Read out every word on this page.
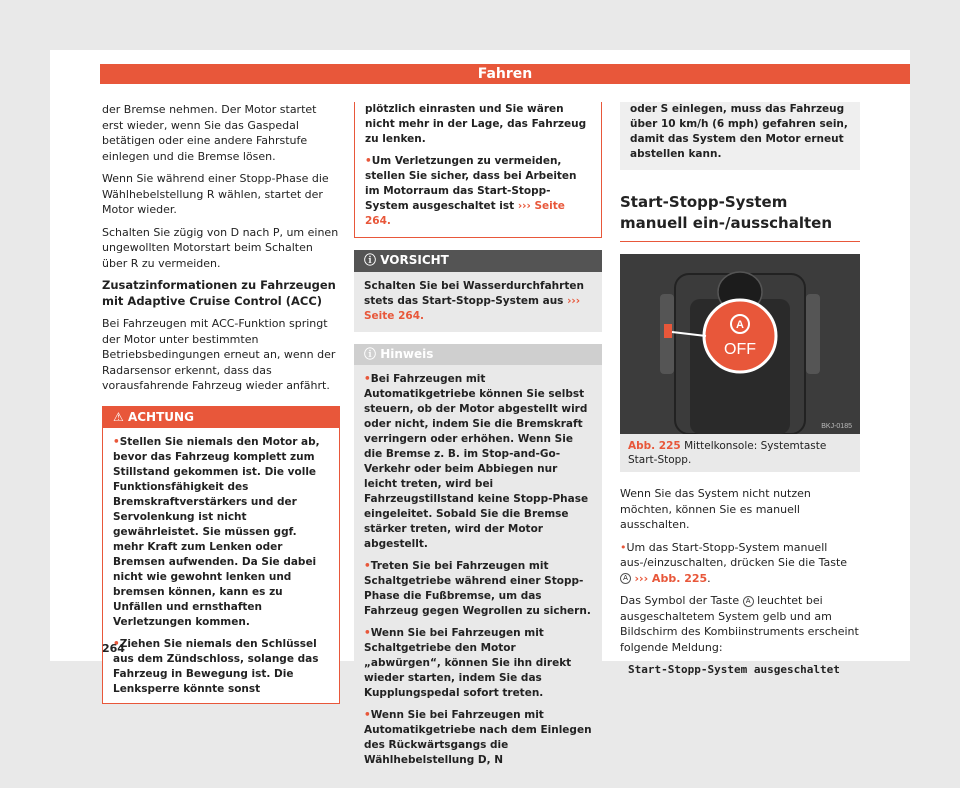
Fahren

der Bremse nehmen. Der Motor startet erst wieder, wenn Sie das Gaspedal betätigen oder eine andere Fahrstufe einlegen und die Bremse lösen.

Wenn Sie während einer Stopp-Phase die Wählhebelstellung R wählen, startet der Motor wieder.

Schalten Sie zügig von D nach P, um einen ungewollten Motorstart beim Schalten über R zu vermeiden.

Zusatzinformationen zu Fahrzeugen mit Adaptive Cruise Control (ACC)

Bei Fahrzeugen mit ACC-Funktion springt der Motor unter bestimmten Betriebsbedingungen erneut an, wenn der Radarsensor erkennt, dass das vorausfahrende Fahrzeug wieder anfährt.

⚠ ACHTUNG

• Stellen Sie niemals den Motor ab, bevor das Fahrzeug komplett zum Stillstand gekommen ist. Die volle Funktionsfähigkeit des Bremskraftverstärkers und der Servolenkung ist nicht gewährleistet. Sie müssen ggf. mehr Kraft zum Lenken oder Bremsen aufwenden. Da Sie dabei nicht wie gewohnt lenken und bremsen können, kann es zu Unfällen und ernsthaften Verletzungen kommen.

• Ziehen Sie niemals den Schlüssel aus dem Zündschloss, solange das Fahrzeug in Bewegung ist. Die Lenksperre könnte sonst

plötzlich einrasten und Sie wären nicht mehr in der Lage, das Fahrzeug zu lenken.

• Um Verletzungen zu vermeiden, stellen Sie sicher, dass bei Arbeiten im Motorraum das Start-Stopp-System ausgeschaltet ist ››› Seite 264.

ⓘ VORSICHT
Schalten Sie bei Wasserdurchfahrten stets das Start-Stopp-System aus ››› Seite 264.
ⓘ Hinweis

• Bei Fahrzeugen mit Automatikgetriebe können Sie selbst steuern, ob der Motor abgestellt wird oder nicht, indem Sie die Bremskraft verringern oder erhöhen. Wenn Sie die Bremse z. B. im Stop-and-Go-Verkehr oder beim Abbiegen nur leicht treten, wird bei Fahrzeugstillstand keine Stopp-Phase eingeleitet. Sobald Sie die Bremse stärker treten, wird der Motor abgestellt.

• Treten Sie bei Fahrzeugen mit Schaltgetriebe während einer Stopp-Phase die Fußbremse, um das Fahrzeug gegen Wegrollen zu sichern.

• Wenn Sie bei Fahrzeugen mit Schaltgetriebe den Motor „abwürgen“, können Sie ihn direkt wieder starten, indem Sie das Kupplungspedal sofort treten.

• Wenn Sie bei Fahrzeugen mit Automatikgetriebe nach dem Einlegen des Rückwärtsgangs die Wählhebelstellung D, N

oder S einlegen, muss das Fahrzeug über 10 km/h (6 mph) gefahren sein, damit das System den Motor erneut abstellen kann.

Start-Stopp-System manuell ein-/ausschalten
A
OFF
BKJ-0185
Abb. 225 Mittelkonsole: Systemtaste Start-Stopp.

Wenn Sie das System nicht nutzen möchten, können Sie es manuell ausschalten.

• Um das Start-Stopp-System manuell aus-/einzuschalten, drücken Sie die Taste A ››› Abb. 225.

Das Symbol der Taste A leuchtet bei ausgeschaltetem System gelb und am Bildschirm des Kombiinstruments erscheint folgende Meldung:

Start-Stopp-System ausgeschaltet
264
